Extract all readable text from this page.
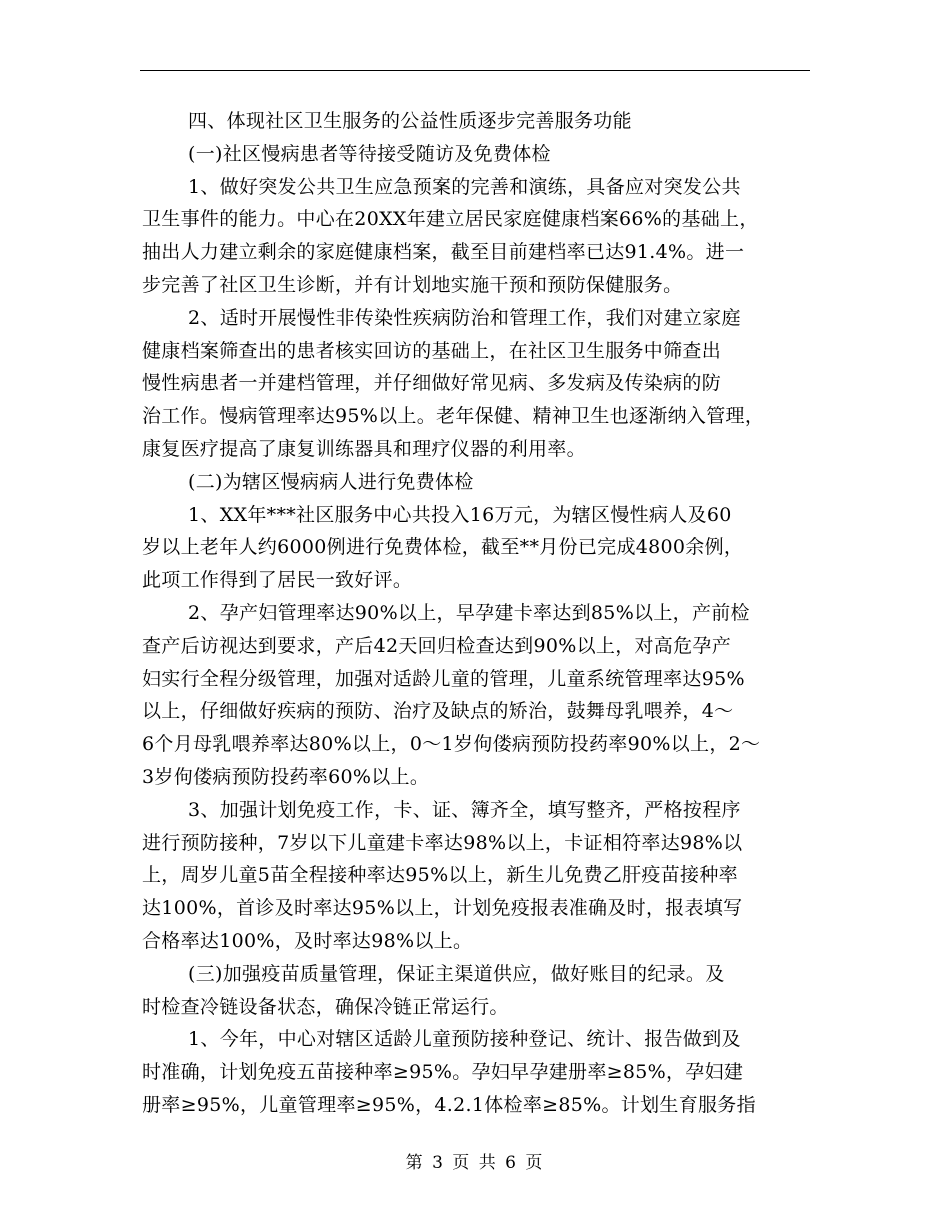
四、体现社区卫生服务的公益性质逐步完善服务功能
(一)社区慢病患者等待接受随访及免费体检
1、做好突发公共卫生应急预案的完善和演练，具备应对突发公共
卫生事件的能力。中心在20XX年建立居民家庭健康档案66%的基础上，
抽出人力建立剩余的家庭健康档案，截至目前建档率已达91.4%。进一
步完善了社区卫生诊断，并有计划地实施干预和预防保健服务。
2、适时开展慢性非传染性疾病防治和管理工作，我们对建立家庭
健康档案筛查出的患者核实回访的基础上，在社区卫生服务中筛查出
慢性病患者一并建档管理，并仔细做好常见病、多发病及传染病的防
治工作。慢病管理率达95%以上。老年保健、精神卫生也逐渐纳入管理，
康复医疗提高了康复训练器具和理疗仪器的利用率。
(二)为辖区慢病病人进行免费体检
1、XX年***社区服务中心共投入16万元，为辖区慢性病人及60
岁以上老年人约6000例进行免费体检，截至**月份已完成4800余例，
此项工作得到了居民一致好评。
2、孕产妇管理率达90%以上，早孕建卡率达到85%以上，产前检
查产后访视达到要求，产后42天回归检查达到90%以上，对高危孕产
妇实行全程分级管理，加强对适龄儿童的管理，儿童系统管理率达95%
以上，仔细做好疾病的预防、治疗及缺点的矫治，鼓舞母乳喂养，4～
6个月母乳喂养率达80%以上，0～1岁佝偻病预防投药率90%以上，2～
3岁佝偻病预防投药率60%以上。
3、加强计划免疫工作，卡、证、簿齐全，填写整齐，严格按程序
进行预防接种，7岁以下儿童建卡率达98%以上，卡证相符率达98%以
上，周岁儿童5苗全程接种率达95%以上，新生儿免费乙肝疫苗接种率
达100%，首诊及时率达95%以上，计划免疫报表准确及时，报表填写
合格率达100%，及时率达98%以上。
(三)加强疫苗质量管理，保证主渠道供应，做好账目的纪录。及
时检查冷链设备状态，确保冷链正常运行。
1、今年，中心对辖区适龄儿童预防接种登记、统计、报告做到及
时准确，计划免疫五苗接种率≥95%。孕妇早孕建册率≥85%，孕妇建
册率≥95%，儿童管理率≥95%，4.2.1体检率≥85%。计划生育服务指
第 3 页 共 6 页
